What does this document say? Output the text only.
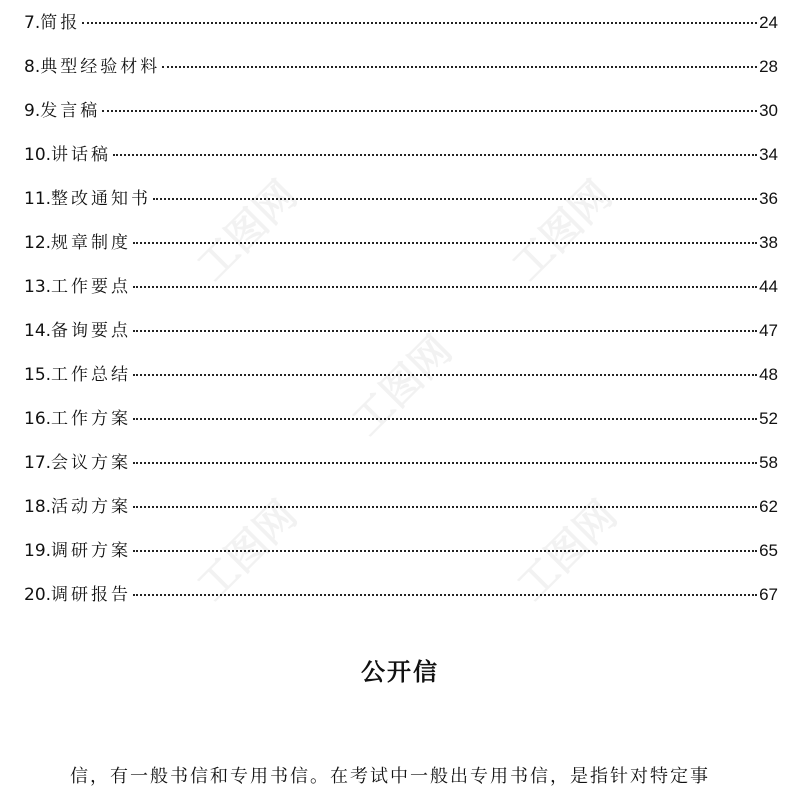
工图网	工图网
工图网
工图网	工图网
7. 简报	24
8. 典型经验材料	28
9. 发言稿	30
10. 讲话稿	34
11. 整改通知书	36
12. 规章制度	38
13. 工作要点	44
14. 备询要点	47
15. 工作总结	48
16. 工作方案	52
17. 会议方案	58
18. 活动方案	62
19. 调研方案	65
20. 调研报告	67
公开信
信，有一般书信和专用书信。在考试中一般出专用书信，是指针对特定事
